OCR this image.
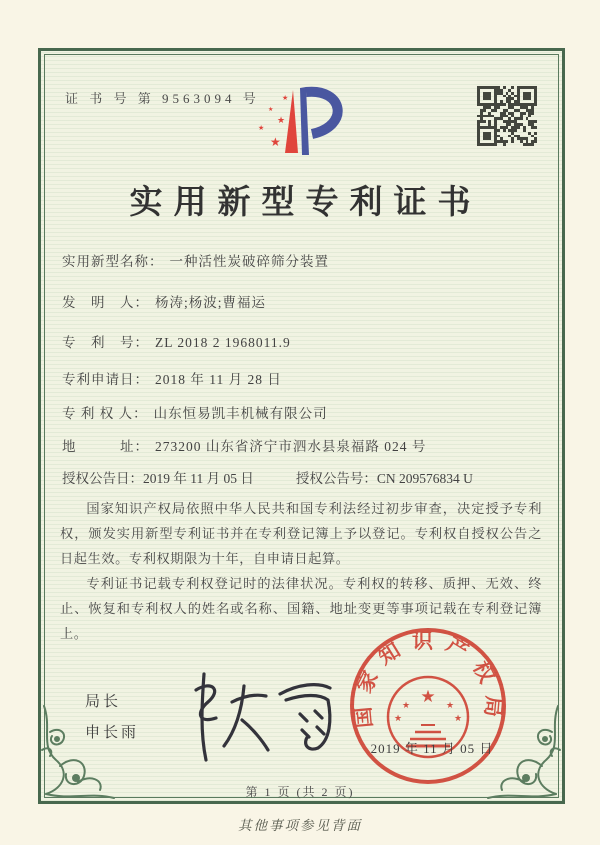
证 书 号 第 9563094 号	★
★
★
★
★
实用新型专利证书
实用新型名称： 一种活性炭破碎筛分装置
发　明　人： 杨涛;杨波;曹福运
专　利　号： ZL 2018 2 1968011.9
专利申请日： 2018 年 11 月 28 日
专 利 权 人： 山东恒易凯丰机械有限公司
地　　　址： 273200 山东省济宁市泗水县泉福路 024 号
授权公告日：2019 年 11 月 05 日	授权公告号：CN 209576834 U

国家知识产权局依照中华人民共和国专利法经过初步审查，决定授予专利权，颁发实用新型专利证书并在专利登记簿上予以登记。专利权自授权公告之日起生效。专利权期限为十年，自申请日起算。

专利证书记载专利权登记时的法律状况。专利权的转移、质押、无效、终止、恢复和专利权人的姓名或名称、国籍、地址变更等事项记载在专利登记簿上。

局长
申长雨
国家知识产权局
★
★	★
★	★
2019 年 11 月 05 日
第 1 页 (共 2 页)
其他事项参见背面
